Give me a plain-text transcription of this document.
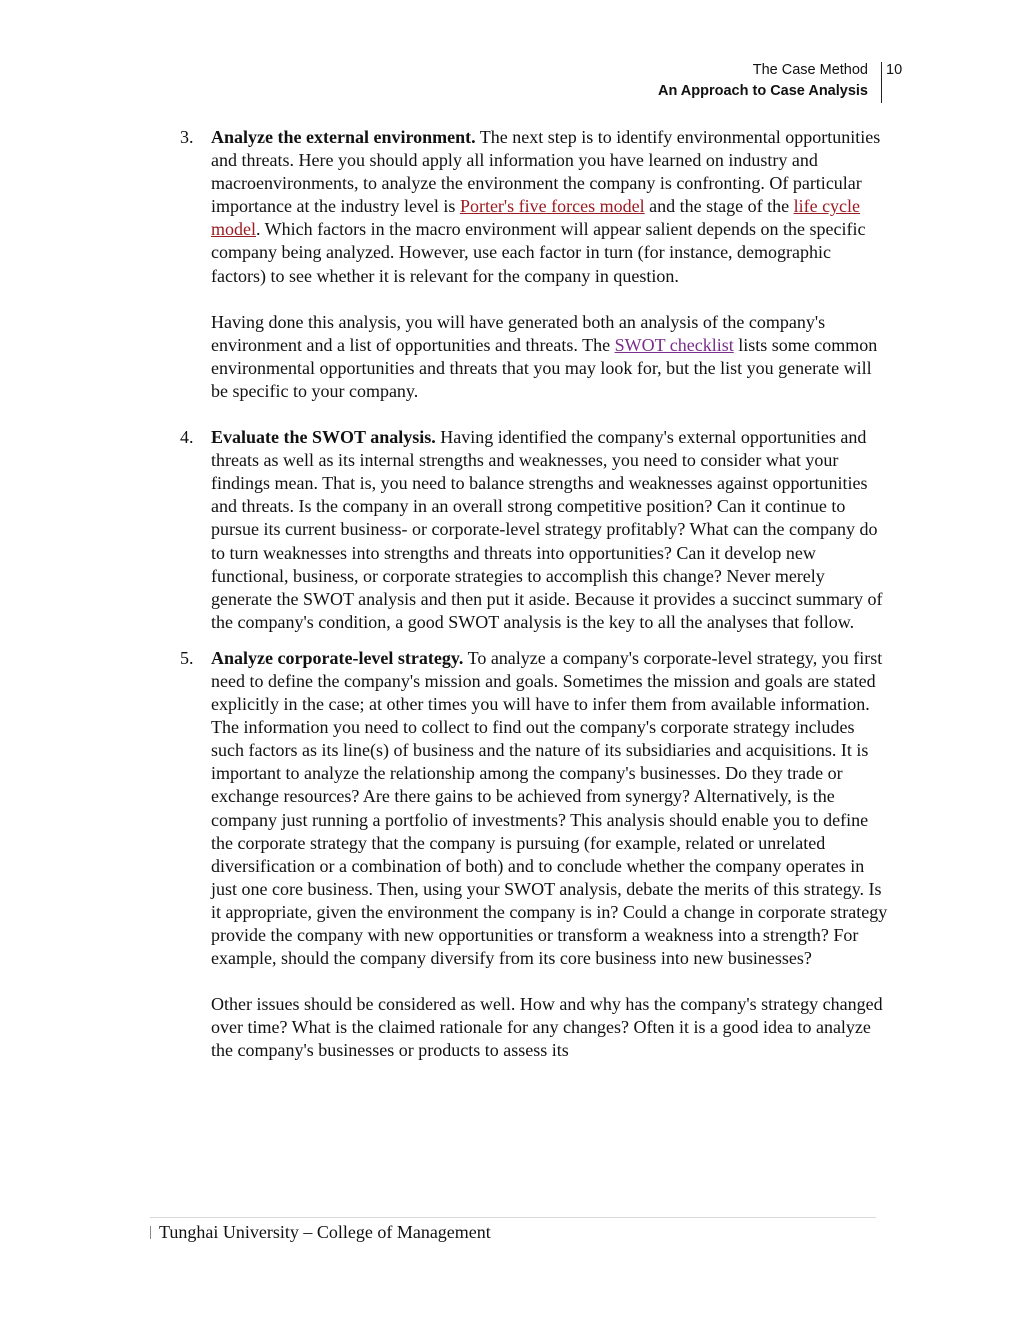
The Case Method
An Approach to Case Analysis
10
3. Analyze the external environment. The next step is to identify environmental opportunities and threats. Here you should apply all information you have learned on industry and macroenvironments, to analyze the environment the company is confronting. Of particular importance at the industry level is Porter's five forces model and the stage of the life cycle model. Which factors in the macro environment will appear salient depends on the specific company being analyzed. However, use each factor in turn (for instance, demographic factors) to see whether it is relevant for the company in question.

Having done this analysis, you will have generated both an analysis of the company's environment and a list of opportunities and threats. The SWOT checklist lists some common environmental opportunities and threats that you may look for, but the list you generate will be specific to your company.

4. Evaluate the SWOT analysis. Having identified the company's external opportunities and threats as well as its internal strengths and weaknesses, you need to consider what your findings mean. That is, you need to balance strengths and weaknesses against opportunities and threats. Is the company in an overall strong competitive position? Can it continue to pursue its current business- or corporate-level strategy profitably? What can the company do to turn weaknesses into strengths and threats into opportunities? Can it develop new functional, business, or corporate strategies to accomplish this change? Never merely generate the SWOT analysis and then put it aside. Because it provides a succinct summary of the company's condition, a good SWOT analysis is the key to all the analyses that follow.

5. Analyze corporate-level strategy. To analyze a company's corporate-level strategy, you first need to define the company's mission and goals. Sometimes the mission and goals are stated explicitly in the case; at other times you will have to infer them from available information. The information you need to collect to find out the company's corporate strategy includes such factors as its line(s) of business and the nature of its subsidiaries and acquisitions. It is important to analyze the relationship among the company's businesses. Do they trade or exchange resources? Are there gains to be achieved from synergy? Alternatively, is the company just running a portfolio of investments? This analysis should enable you to define the corporate strategy that the company is pursuing (for example, related or unrelated diversification or a combination of both) and to conclude whether the company operates in just one core business. Then, using your SWOT analysis, debate the merits of this strategy. Is it appropriate, given the environment the company is in? Could a change in corporate strategy provide the company with new opportunities or transform a weakness into a strength? For example, should the company diversify from its core business into new businesses?

Other issues should be considered as well. How and why has the company's strategy changed over time? What is the claimed rationale for any changes? Often it is a good idea to analyze the company's businesses or products to assess its

Tunghai University – College of Management
